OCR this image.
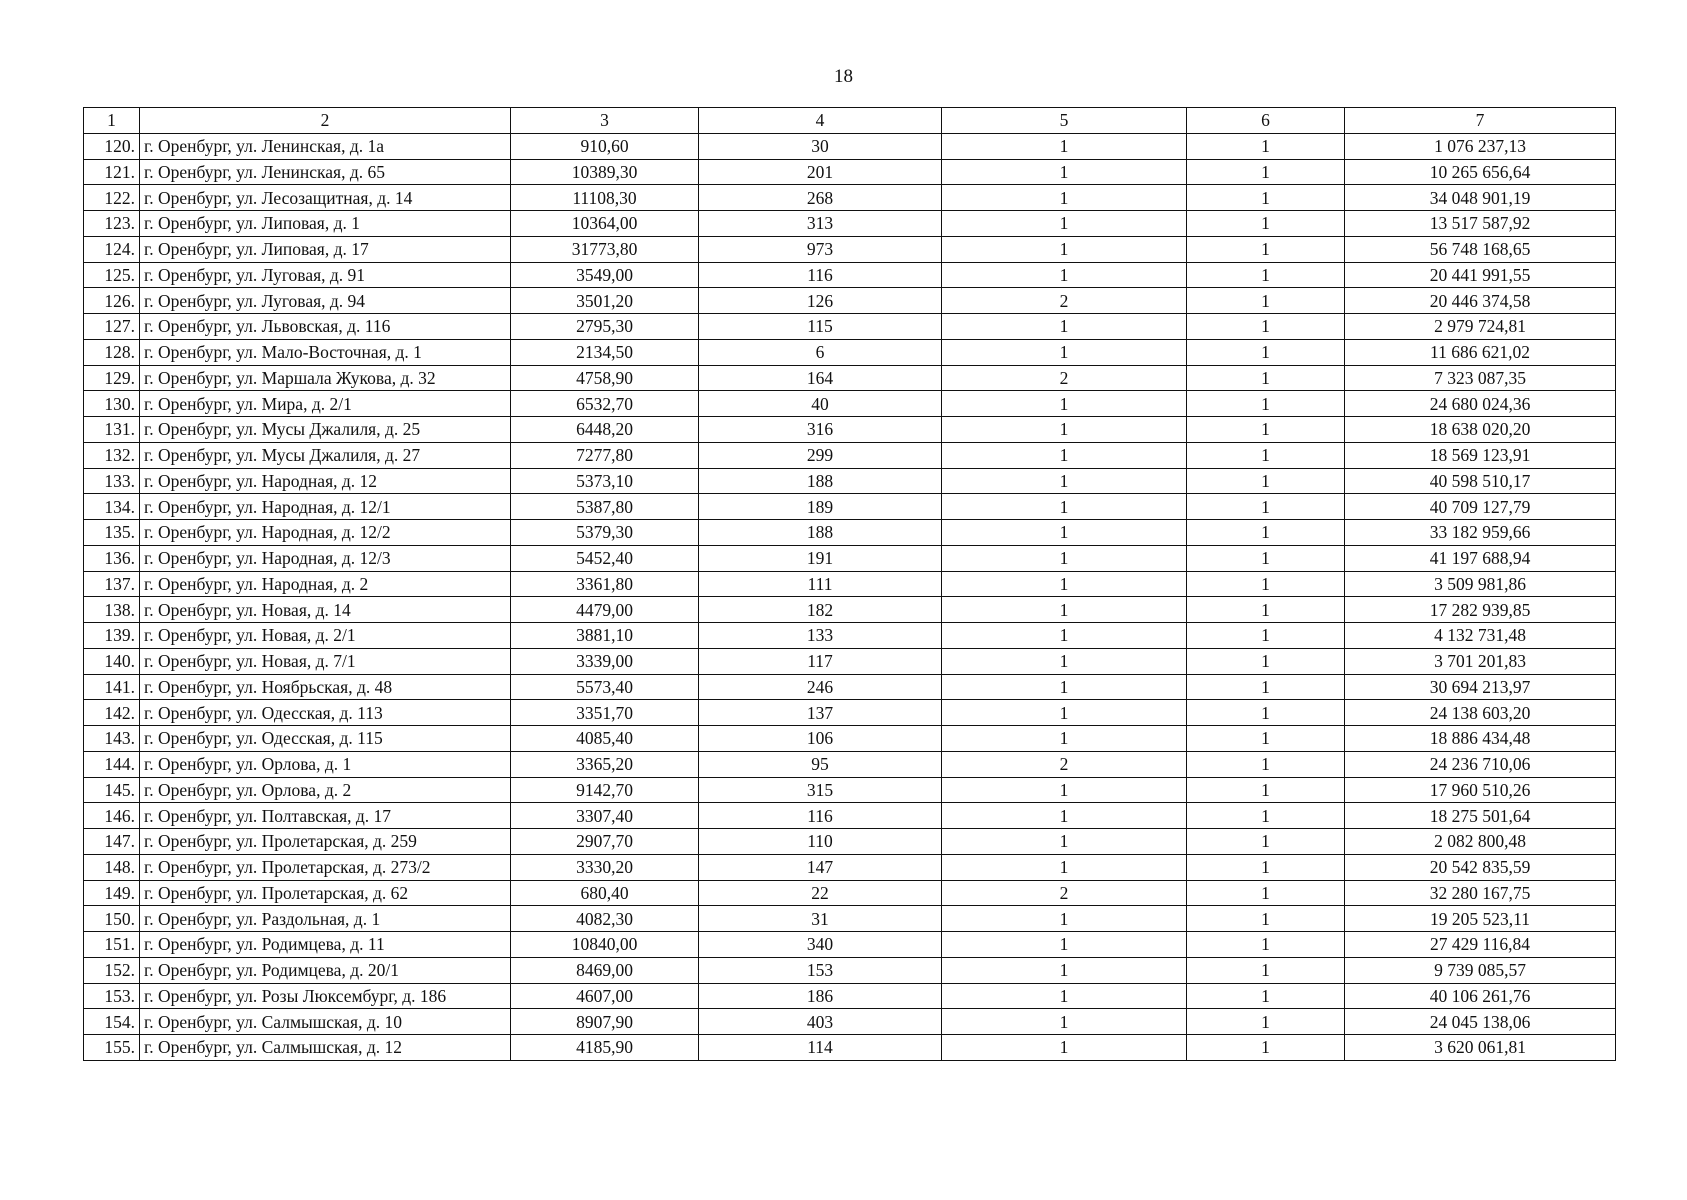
18
1	2	3	4	5	6	7
120.	г. Оренбург, ул. Ленинская, д. 1а	910,60	30	1	1	1 076 237,13
121.	г. Оренбург, ул. Ленинская, д. 65	10389,30	201	1	1	10 265 656,64
122.	г. Оренбург, ул. Лесозащитная, д. 14	11108,30	268	1	1	34 048 901,19
123.	г. Оренбург, ул. Липовая, д. 1	10364,00	313	1	1	13 517 587,92
124.	г. Оренбург, ул. Липовая, д. 17	31773,80	973	1	1	56 748 168,65
125.	г. Оренбург, ул. Луговая, д. 91	3549,00	116	1	1	20 441 991,55
126.	г. Оренбург, ул. Луговая, д. 94	3501,20	126	2	1	20 446 374,58
127.	г. Оренбург, ул. Львовская, д. 116	2795,30	115	1	1	2 979 724,81
128.	г. Оренбург, ул. Мало-Восточная, д. 1	2134,50	6	1	1	11 686 621,02
129.	г. Оренбург, ул. Маршала Жукова, д. 32	4758,90	164	2	1	7 323 087,35
130.	г. Оренбург, ул. Мира, д. 2/1	6532,70	40	1	1	24 680 024,36
131.	г. Оренбург, ул. Мусы Джалиля, д. 25	6448,20	316	1	1	18 638 020,20
132.	г. Оренбург, ул. Мусы Джалиля, д. 27	7277,80	299	1	1	18 569 123,91
133.	г. Оренбург, ул. Народная, д. 12	5373,10	188	1	1	40 598 510,17
134.	г. Оренбург, ул. Народная, д. 12/1	5387,80	189	1	1	40 709 127,79
135.	г. Оренбург, ул. Народная, д. 12/2	5379,30	188	1	1	33 182 959,66
136.	г. Оренбург, ул. Народная, д. 12/3	5452,40	191	1	1	41 197 688,94
137.	г. Оренбург, ул. Народная, д. 2	3361,80	111	1	1	3 509 981,86
138.	г. Оренбург, ул. Новая, д. 14	4479,00	182	1	1	17 282 939,85
139.	г. Оренбург, ул. Новая, д. 2/1	3881,10	133	1	1	4 132 731,48
140.	г. Оренбург, ул. Новая, д. 7/1	3339,00	117	1	1	3 701 201,83
141.	г. Оренбург, ул. Ноябрьская, д. 48	5573,40	246	1	1	30 694 213,97
142.	г. Оренбург, ул. Одесская, д. 113	3351,70	137	1	1	24 138 603,20
143.	г. Оренбург, ул. Одесская, д. 115	4085,40	106	1	1	18 886 434,48
144.	г. Оренбург, ул. Орлова, д. 1	3365,20	95	2	1	24 236 710,06
145.	г. Оренбург, ул. Орлова, д. 2	9142,70	315	1	1	17 960 510,26
146.	г. Оренбург, ул. Полтавская, д. 17	3307,40	116	1	1	18 275 501,64
147.	г. Оренбург, ул. Пролетарская, д. 259	2907,70	110	1	1	2 082 800,48
148.	г. Оренбург, ул. Пролетарская, д. 273/2	3330,20	147	1	1	20 542 835,59
149.	г. Оренбург, ул. Пролетарская, д. 62	680,40	22	2	1	32 280 167,75
150.	г. Оренбург, ул. Раздольная, д. 1	4082,30	31	1	1	19 205 523,11
151.	г. Оренбург, ул. Родимцева, д. 11	10840,00	340	1	1	27 429 116,84
152.	г. Оренбург, ул. Родимцева, д. 20/1	8469,00	153	1	1	9 739 085,57
153.	г. Оренбург, ул. Розы Люксембург, д. 186	4607,00	186	1	1	40 106 261,76
154.	г. Оренбург, ул. Салмышская, д. 10	8907,90	403	1	1	24 045 138,06
155.	г. Оренбург, ул. Салмышская, д. 12	4185,90	114	1	1	3 620 061,81
